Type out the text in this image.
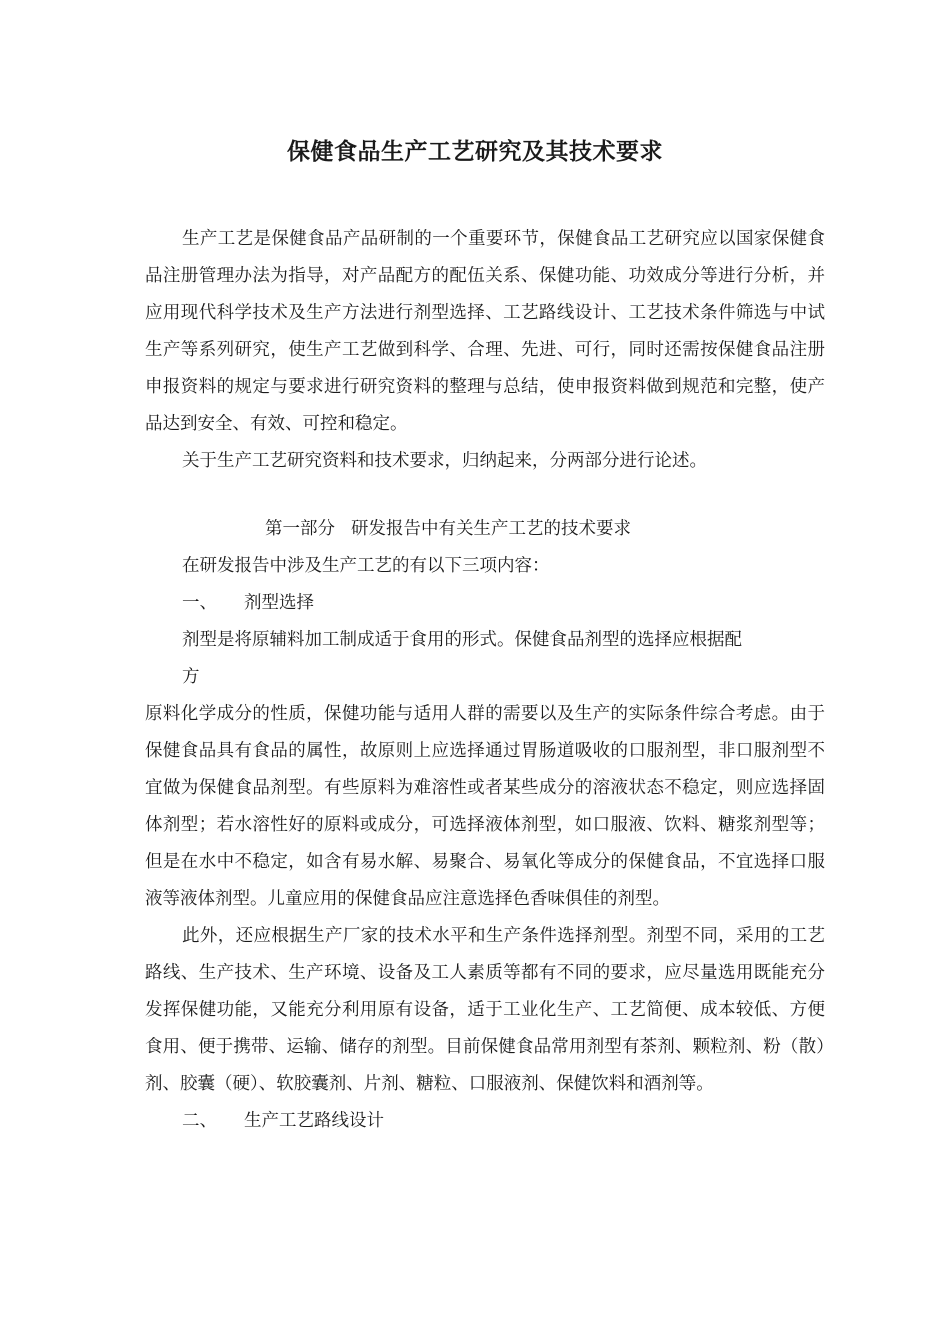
保健食品生产工艺研究及其技术要求

生产工艺是保健食品产品研制的一个重要环节，保健食品工艺研究应以国家保健食品注册管理办法为指导，对产品配方的配伍关系、保健功能、功效成分等进行分析，并应用现代科学技术及生产方法进行剂型选择、工艺路线设计、工艺技术条件筛选与中试生产等系列研究，使生产工艺做到科学、合理、先进、可行，同时还需按保健食品注册申报资料的规定与要求进行研究资料的整理与总结，使申报资料做到规范和完整，使产品达到安全、有效、可控和稳定。

关于生产工艺研究资料和技术要求，归纳起来，分两部分进行论述。

第一部分 研发报告中有关生产工艺的技术要求

在研发报告中涉及生产工艺的有以下三项内容：

一、 剂型选择

剂型是将原辅料加工制成适于食用的形式。保健食品剂型的选择应根据配

方

原料化学成分的性质，保健功能与适用人群的需要以及生产的实际条件综合考虑。由于保健食品具有食品的属性，故原则上应选择通过胃肠道吸收的口服剂型，非口服剂型不宜做为保健食品剂型。有些原料为难溶性或者某些成分的溶液状态不稳定，则应选择固体剂型；若水溶性好的原料或成分，可选择液体剂型，如口服液、饮料、糖浆剂型等；但是在水中不稳定，如含有易水解、易聚合、易氧化等成分的保健食品，不宜选择口服液等液体剂型。儿童应用的保健食品应注意选择色香味俱佳的剂型。

此外，还应根据生产厂家的技术水平和生产条件选择剂型。剂型不同，采用的工艺路线、生产技术、生产环境、设备及工人素质等都有不同的要求，应尽量选用既能充分发挥保健功能，又能充分利用原有设备，适于工业化生产、工艺简便、成本较低、方便食用、便于携带、运输、储存的剂型。目前保健食品常用剂型有茶剂、颗粒剂、粉（散）剂、胶囊（硬）、软胶囊剂、片剂、糖粒、口服液剂、保健饮料和酒剂等。

二、 生产工艺路线设计
